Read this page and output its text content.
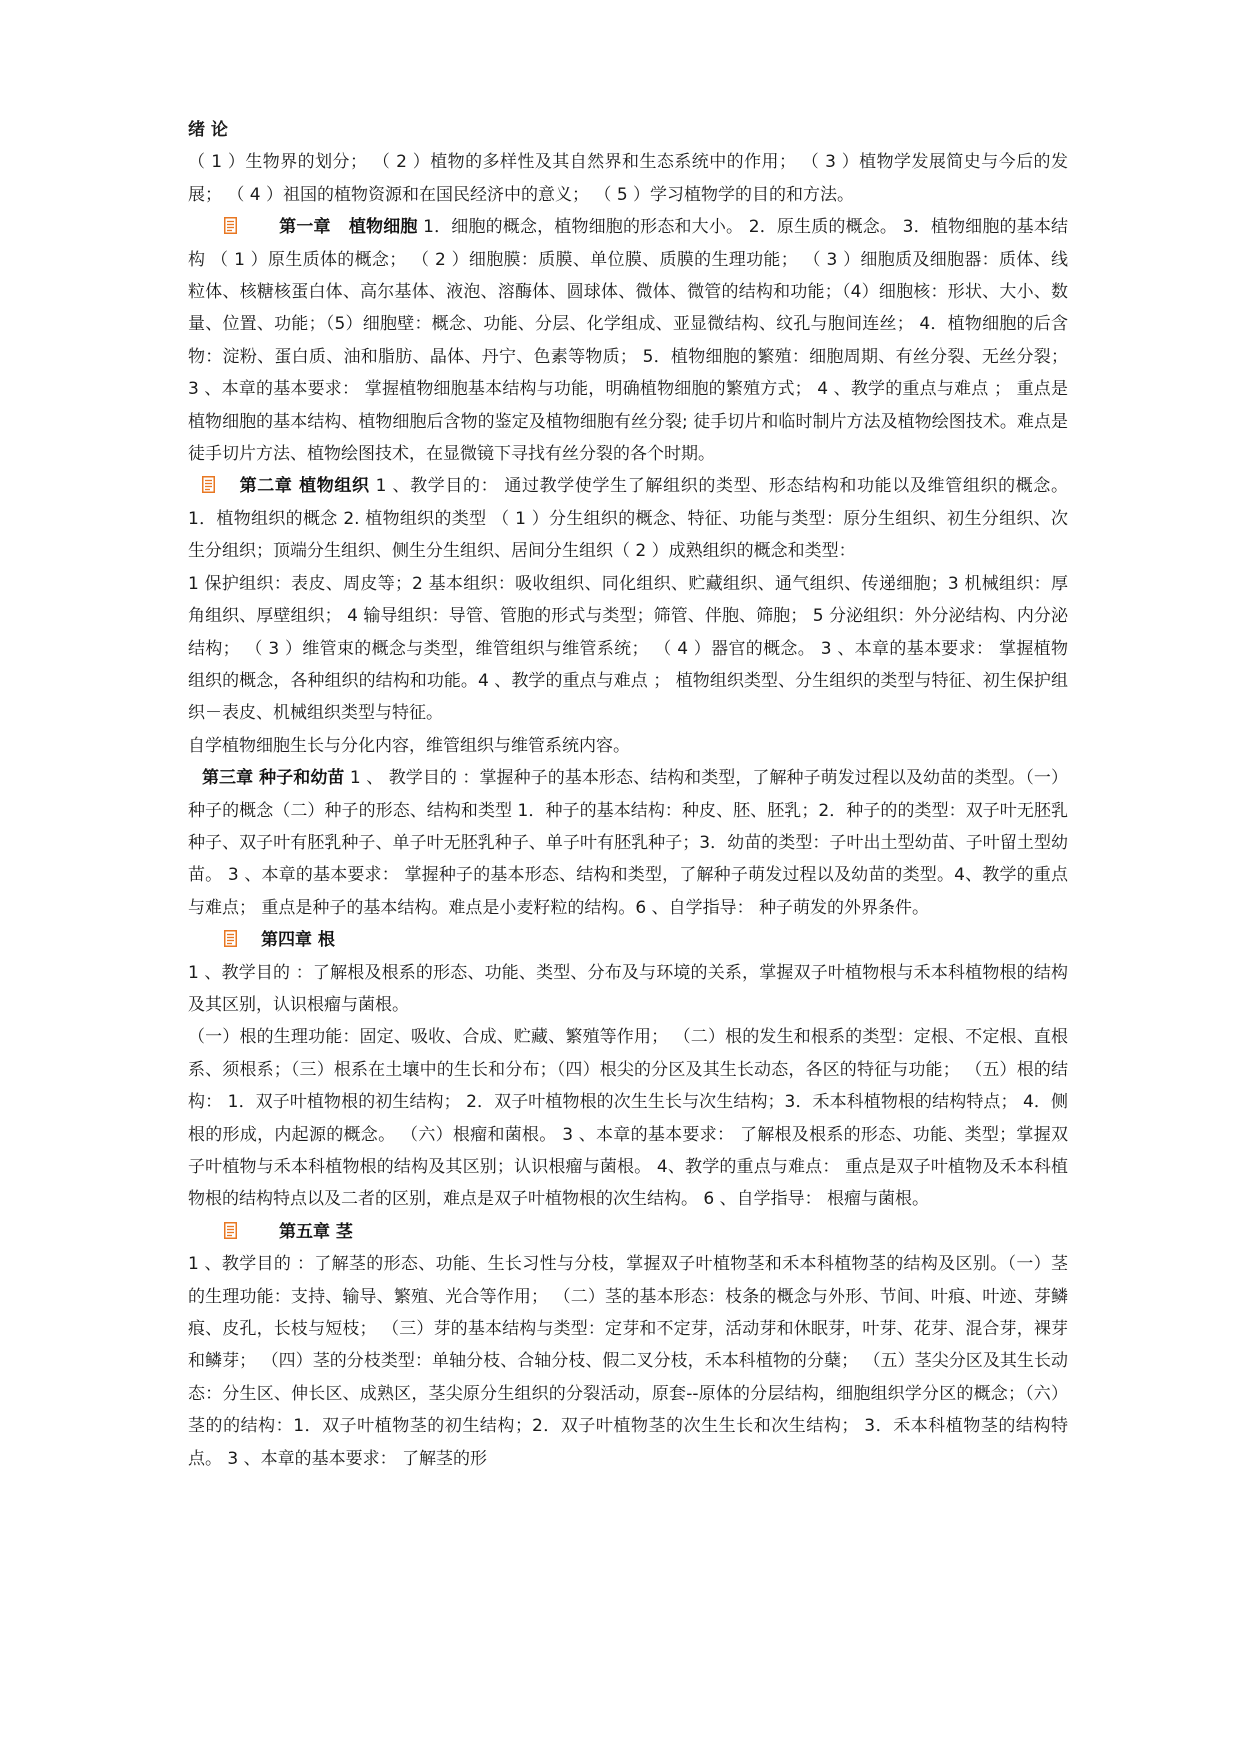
绪 论

（ 1 ）生物界的划分； （ 2 ）植物的多样性及其自然界和生态系统中的作用； （ 3 ）植物学发展简史与今后的发展； （ 4 ）祖国的植物资源和在国民经济中的意义； （ 5 ）学习植物学的目的和方法。

第一章 植物细胞 1．细胞的概念，植物细胞的形态和大小。 2．原生质的概念。 3．植物细胞的基本结构 （ 1 ）原生质体的概念； （ 2 ）细胞膜：质膜、单位膜、质膜的生理功能； （ 3 ）细胞质及细胞器：质体、线粒体、核糖核蛋白体、高尔基体、液泡、溶酶体、圆球体、微体、微管的结构和功能；（4）细胞核：形状、大小、数量、位置、功能；（5）细胞壁：概念、功能、分层、化学组成、亚显微结构、纹孔与胞间连丝； 4．植物细胞的后含物：淀粉、蛋白质、油和脂肪、晶体、丹宁、色素等物质； 5．植物细胞的繁殖：细胞周期、有丝分裂、无丝分裂； 3 、本章的基本要求： 掌握植物细胞基本结构与功能，明确植物细胞的繁殖方式； 4 、教学的重点与难点 ； 重点是植物细胞的基本结构、植物细胞后含物的鉴定及植物细胞有丝分裂; 徒手切片和临时制片方法及植物绘图技术。难点是徒手切片方法、植物绘图技术，在显微镜下寻找有丝分裂的各个时期。

第二章 植物组织 1 、教学目的： 通过教学使学生了解组织的类型、形态结构和功能以及维管组织的概念。 1．植物组织的概念 2. 植物组织的类型 （ 1 ）分生组织的概念、特征、功能与类型：原分生组织、初生分组织、次生分组织；顶端分生组织、侧生分生组织、居间分生组织（ 2 ）成熟组织的概念和类型：

1 保护组织：表皮、周皮等；2 基本组织：吸收组织、同化组织、贮藏组织、通气组织、传递细胞；3 机械组织：厚角组织、厚壁组织； 4 输导组织：导管、管胞的形式与类型；筛管、伴胞、筛胞； 5 分泌组织：外分泌结构、内分泌结构； （ 3 ）维管束的概念与类型，维管组织与维管系统； （ 4 ）器官的概念。 3 、本章的基本要求： 掌握植物组织的概念，各种组织的结构和功能。4 、教学的重点与难点 ； 植物组织类型、分生组织的类型与特征、初生保护组织－表皮、机械组织类型与特征。

自学植物细胞生长与分化内容，维管组织与维管系统内容。

第三章 种子和幼苗 1 、 教学目的 ：掌握种子的基本形态、结构和类型，了解种子萌发过程以及幼苗的类型。（一）种子的概念（二）种子的形态、结构和类型 1．种子的基本结构：种皮、胚、胚乳；2．种子的的类型：双子叶无胚乳种子、双子叶有胚乳种子、单子叶无胚乳种子、单子叶有胚乳种子；3．幼苗的类型：子叶出土型幼苗、子叶留土型幼苗。 3 、本章的基本要求： 掌握种子的基本形态、结构和类型，了解种子萌发过程以及幼苗的类型。4、教学的重点与难点； 重点是种子的基本结构。难点是小麦籽粒的结构。6 、自学指导： 种子萌发的外界条件。

第四章 根

1 、教学目的 ：了解根及根系的形态、功能、类型、分布及与环境的关系，掌握双子叶植物根与禾本科植物根的结构及其区别，认识根瘤与菌根。

（一）根的生理功能：固定、吸收、合成、贮藏、繁殖等作用； （二）根的发生和根系的类型：定根、不定根、直根系、须根系；（三）根系在土壤中的生长和分布；（四）根尖的分区及其生长动态，各区的特征与功能； （五）根的结构： 1．双子叶植物根的初生结构； 2．双子叶植物根的次生生长与次生结构；3．禾本科植物根的结构特点； 4．侧根的形成，内起源的概念。 （六）根瘤和菌根。 3 、本章的基本要求： 了解根及根系的形态、功能、类型；掌握双子叶植物与禾本科植物根的结构及其区别；认识根瘤与菌根。 4、教学的重点与难点： 重点是双子叶植物及禾本科植物根的结构特点以及二者的区别，难点是双子叶植物根的次生结构。 6 、自学指导： 根瘤与菌根。

第五章 茎

1 、教学目的 ：了解茎的形态、功能、生长习性与分枝，掌握双子叶植物茎和禾本科植物茎的结构及区别。（一）茎的生理功能：支持、输导、繁殖、光合等作用； （二）茎的基本形态：枝条的概念与外形、节间、叶痕、叶迹、芽鳞痕、皮孔，长枝与短枝； （三）芽的基本结构与类型：定芽和不定芽，活动芽和休眠芽，叶芽、花芽、混合芽，裸芽和鳞芽； （四）茎的分枝类型：单轴分枝、合轴分枝、假二叉分枝，禾本科植物的分蘖； （五）茎尖分区及其生长动态：分生区、伸长区、成熟区，茎尖原分生组织的分裂活动，原套--原体的分层结构，细胞组织学分区的概念；（六）茎的的结构：1．双子叶植物茎的初生结构；2．双子叶植物茎的次生生长和次生结构； 3．禾本科植物茎的结构特点。 3 、本章的基本要求： 了解茎的形
